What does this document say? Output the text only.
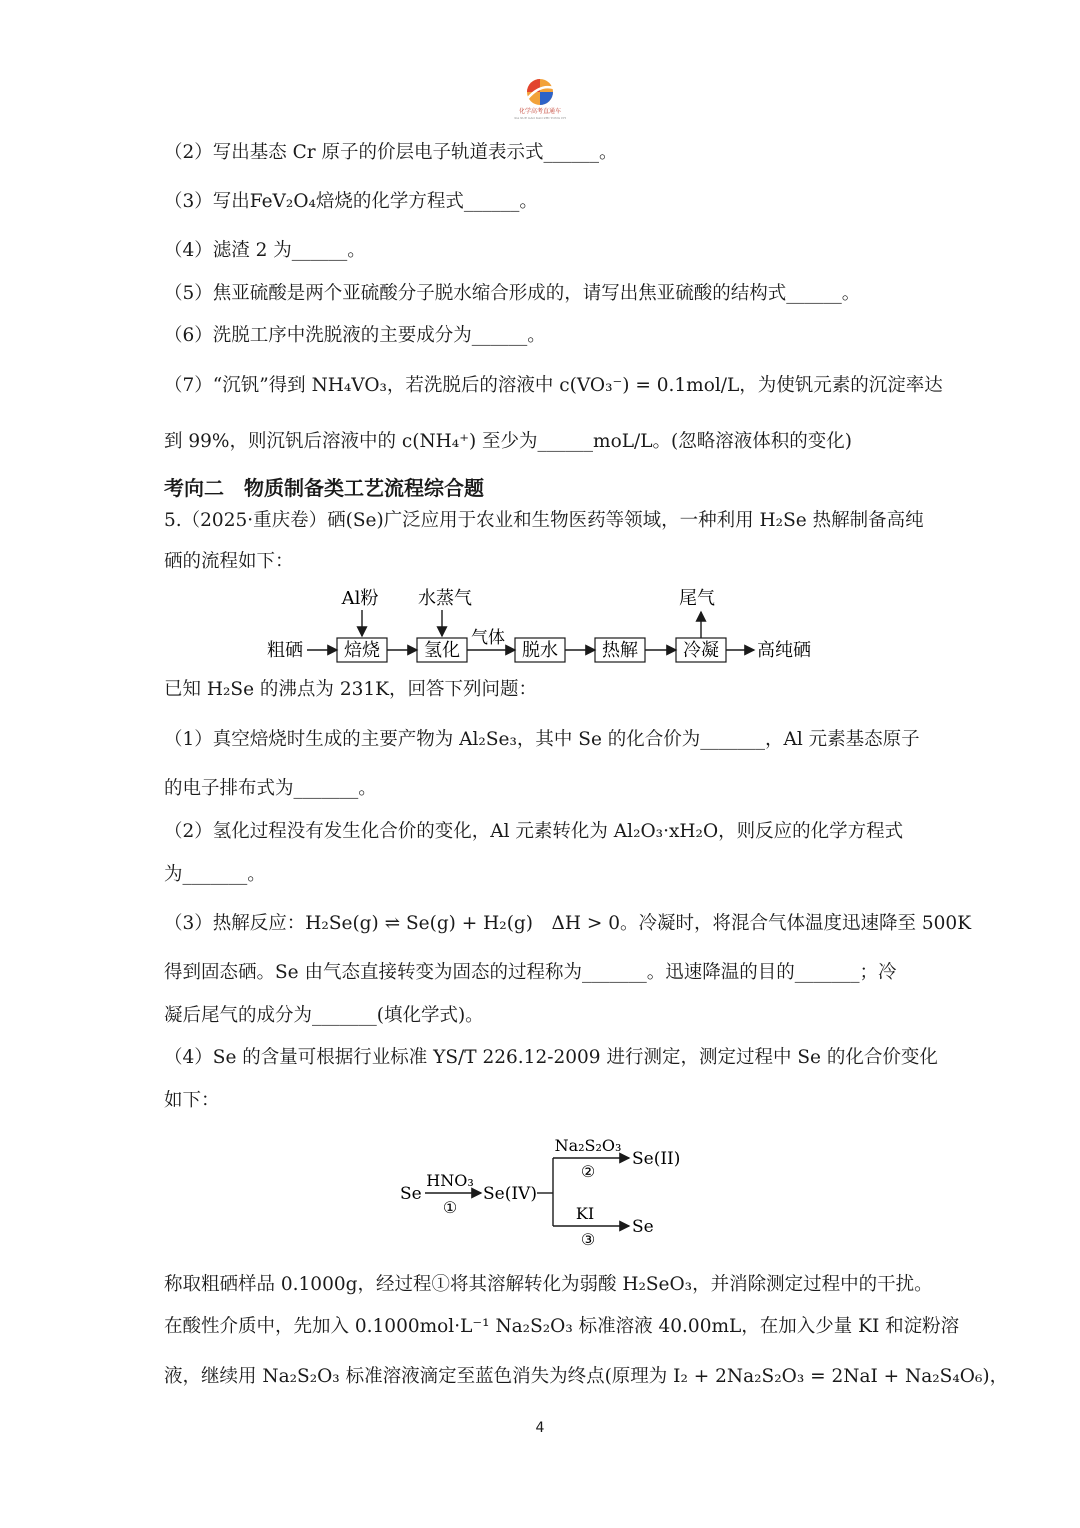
化学高考直通车
HUA XUE GAO KAO ZHI TONG CHE
（2）写出基态 Cr 原子的价层电子轨道表示式______。
（3）写出FeV₂O₄焙烧的化学方程式______。
（4）滤渣 2 为______。
（5）焦亚硫酸是两个亚硫酸分子脱水缩合形成的，请写出焦亚硫酸的结构式______。
（6）洗脱工序中洗脱液的主要成分为______。
（7）“沉钒”得到 NH₄VO₃，若洗脱后的溶液中 c(VO₃⁻) = 0.1mol/L，为使钒元素的沉淀率达
到 99%，则沉钒后溶液中的 c(NH₄⁺) 至少为______moL/L。(忽略溶液体积的变化)
考向二　物质制备类工艺流程综合题
5.（2025·重庆卷）硒(Se)广泛应用于农业和生物医药等领域，一种利用 H₂Se 热解制备高纯
硒的流程如下：
粗硒 焙烧 氢化
气体
脱水 热解	冷凝 高纯硒
Al粉 水蒸气	尾气
已知 H₂Se 的沸点为 231K，回答下列问题：
（1）真空焙烧时生成的主要产物为 Al₂Se₃，其中 Se 的化合价为_______，Al 元素基态原子
的电子排布式为_______。
（2）氢化过程没有发生化合价的变化，Al 元素转化为 Al₂O₃·xH₂O，则反应的化学方程式
为_______。
（3）热解反应：H₂Se(g) ⇌ Se(g) + H₂(g)　ΔH > 0。冷凝时，将混合气体温度迅速降至 500K
得到固态硒。Se 由气态直接转变为固态的过程称为_______。迅速降温的目的_______；冷
凝后尾气的成分为_______(填化学式)。
（4）Se 的含量可根据行业标准 YS/T 226.12-2009 进行测定，测定过程中 Se 的化合价变化
如下：
Se
HNO₃
①
Se(IV)
Na₂S₂O₃
②
Se(II)
KI
③
Se
称取粗硒样品 0.1000g，经过程①将其溶解转化为弱酸 H₂SeO₃，并消除测定过程中的干扰。
在酸性介质中，先加入 0.1000mol·L⁻¹ Na₂S₂O₃ 标准溶液 40.00mL，在加入少量 KI 和淀粉溶
液，继续用 Na₂S₂O₃ 标准溶液滴定至蓝色消失为终点(原理为 I₂ + 2Na₂S₂O₃ = 2NaI + Na₂S₄O₆)，
4
